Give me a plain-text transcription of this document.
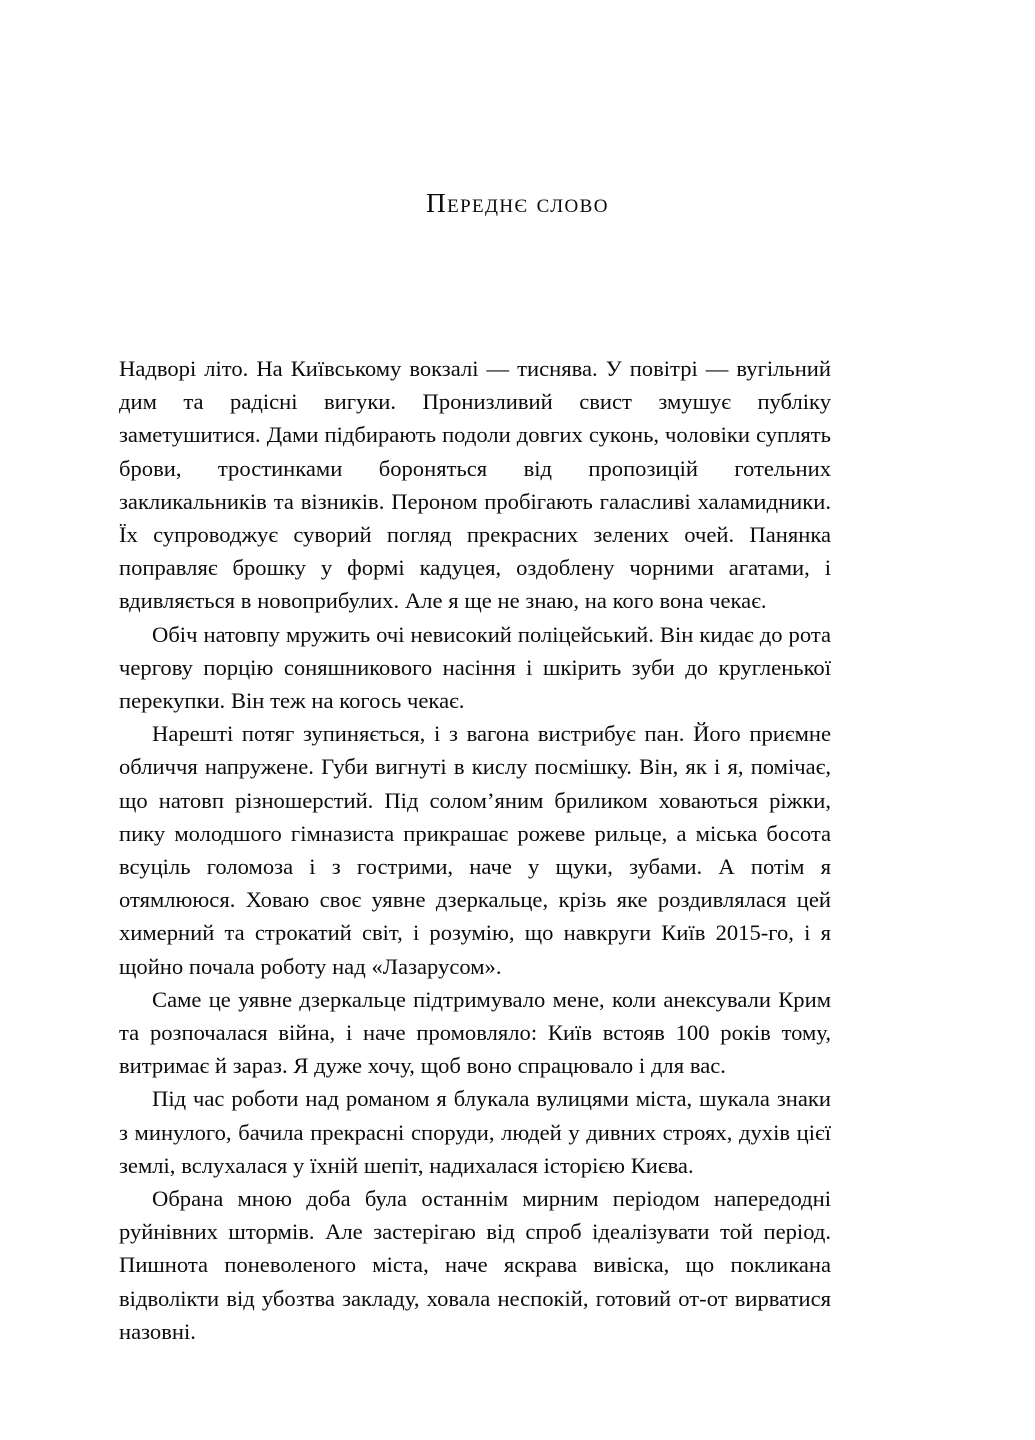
Переднє слово

Надворі літо. На Київському вокзалі — тиснява. У повітрі — вугільний дим та радісні вигуки. Пронизливий свист змушує публіку заметушитися. Дами підбирають подоли довгих суконь, чоловіки суплять брови, тростинками бороняться від пропозицій готельних закликальників та візників. Пероном пробігають галасливі халамидники. Їх супроводжує суворий погляд прекрасних зелених очей. Панянка поправляє брошку у формі кадуцея, оздоблену чорними агатами, і вдивляється в новоприбулих. Але я ще не знаю, на кого вона чекає.

Обіч натовпу мружить очі невисокий поліцейський. Він кидає до рота чергову порцію соняшникового насіння і шкірить зуби до кругленької перекупки. Він теж на когось чекає.

Нарешті потяг зупиняється, і з вагона вистрибує пан. Його приємне обличчя напружене. Губи вигнуті в кислу посмішку. Він, як і я, помічає, що натовп різношерстий. Під солом’яним бриликом ховаються ріжки, пику молодшого гімназиста прикрашає рожеве рильце, а міська босота всуціль голомоза і з гострими, наче у щуки, зубами. А потім я отямлююся. Ховаю своє уявне дзеркальце, крізь яке роздивлялася цей химерний та строкатий світ, і розумію, що навкруги Київ 2015-го, і я щойно почала роботу над «Лазарусом».

Саме це уявне дзеркальце підтримувало мене, коли анексували Крим та розпочалася війна, і наче промовляло: Київ встояв 100 років тому, витримає й зараз. Я дуже хочу, щоб воно спрацювало і для вас.

Під час роботи над романом я блукала вулицями міста, шукала знаки з минулого, бачила прекрасні споруди, людей у дивних строях, духів цієї землі, вслухалася у їхній шепіт, надихалася історією Києва.

Обрана мною доба була останнім мирним періодом напередодні руйнівних штормів. Але застерігаю від спроб ідеалізувати той період. Пишнота поневоленого міста, наче яскрава вивіска, що покликана відволікти від убозтва закладу, ховала неспокій, готовий от-от вирватися назовні.
